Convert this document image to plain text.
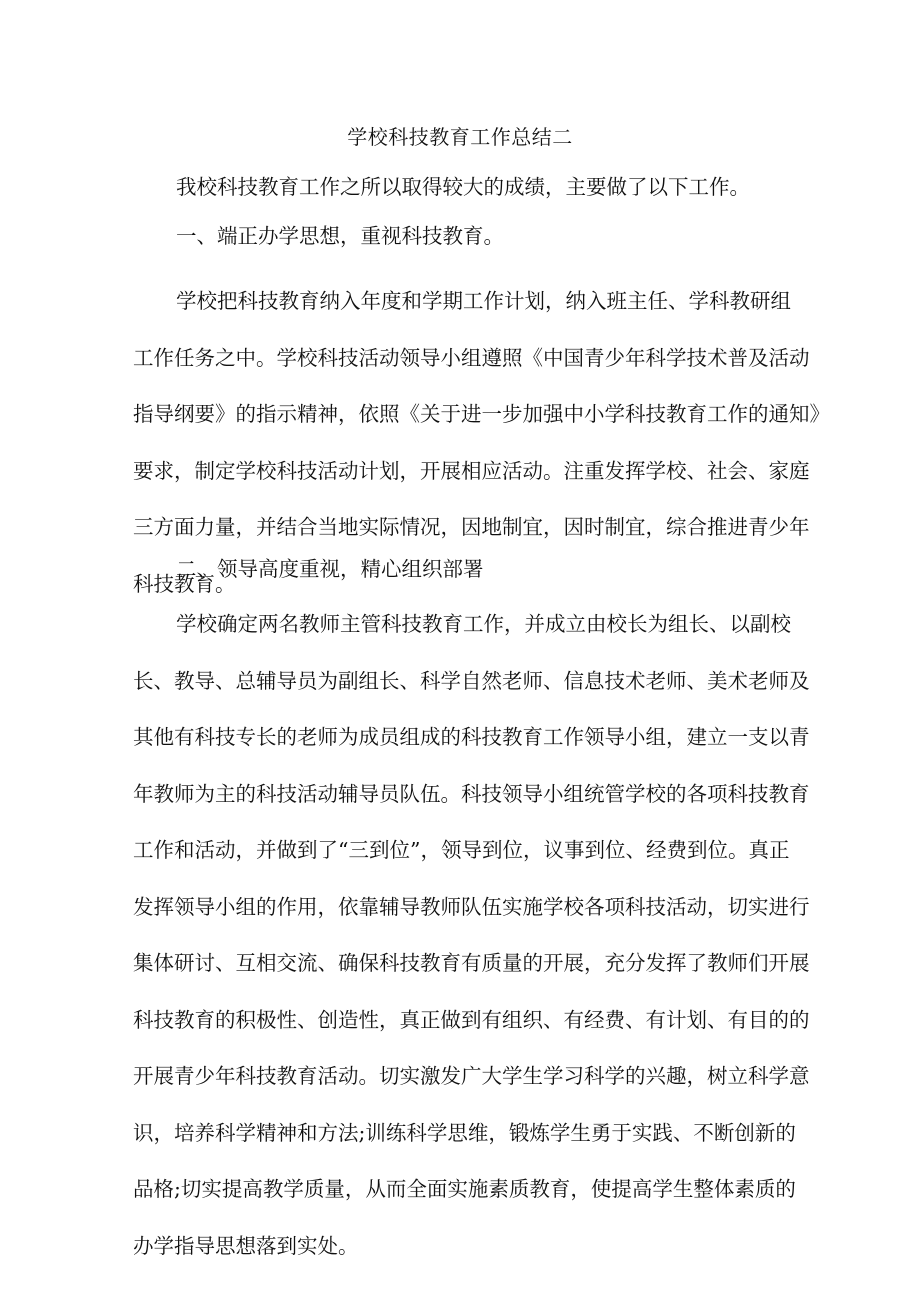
学校科技教育工作总结二
我校科技教育工作之所以取得较大的成绩，主要做了以下工作。
一、端正办学思想，重视科技教育。
学校把科技教育纳入年度和学期工作计划，纳入班主任、学科教研组
工作任务之中。学校科技活动领导小组遵照《中国青少年科学技术普及活动
指导纲要》的指示精神，依照《关于进一步加强中小学科技教育工作的通知》
要求，制定学校科技活动计划，开展相应活动。注重发挥学校、社会、家庭
三方面力量，并结合当地实际情况，因地制宜，因时制宜，综合推进青少年
科技教育。
二、领导高度重视，精心组织部署
学校确定两名教师主管科技教育工作，并成立由校长为组长、以副校
长、教导、总辅导员为副组长、科学自然老师、信息技术老师、美术老师及
其他有科技专长的老师为成员组成的科技教育工作领导小组，建立一支以青
年教师为主的科技活动辅导员队伍。科技领导小组统管学校的各项科技教育
工作和活动，并做到了“三到位”，领导到位，议事到位、经费到位。真正
发挥领导小组的作用，依靠辅导教师队伍实施学校各项科技活动，切实进行
集体研讨、互相交流、确保科技教育有质量的开展，充分发挥了教师们开展
科技教育的积极性、创造性，真正做到有组织、有经费、有计划、有目的的
开展青少年科技教育活动。切实激发广大学生学习科学的兴趣，树立科学意
识，培养科学精神和方法;训练科学思维，锻炼学生勇于实践、不断创新的
品格;切实提高教学质量，从而全面实施素质教育，使提高学生整体素质的
办学指导思想落到实处。
